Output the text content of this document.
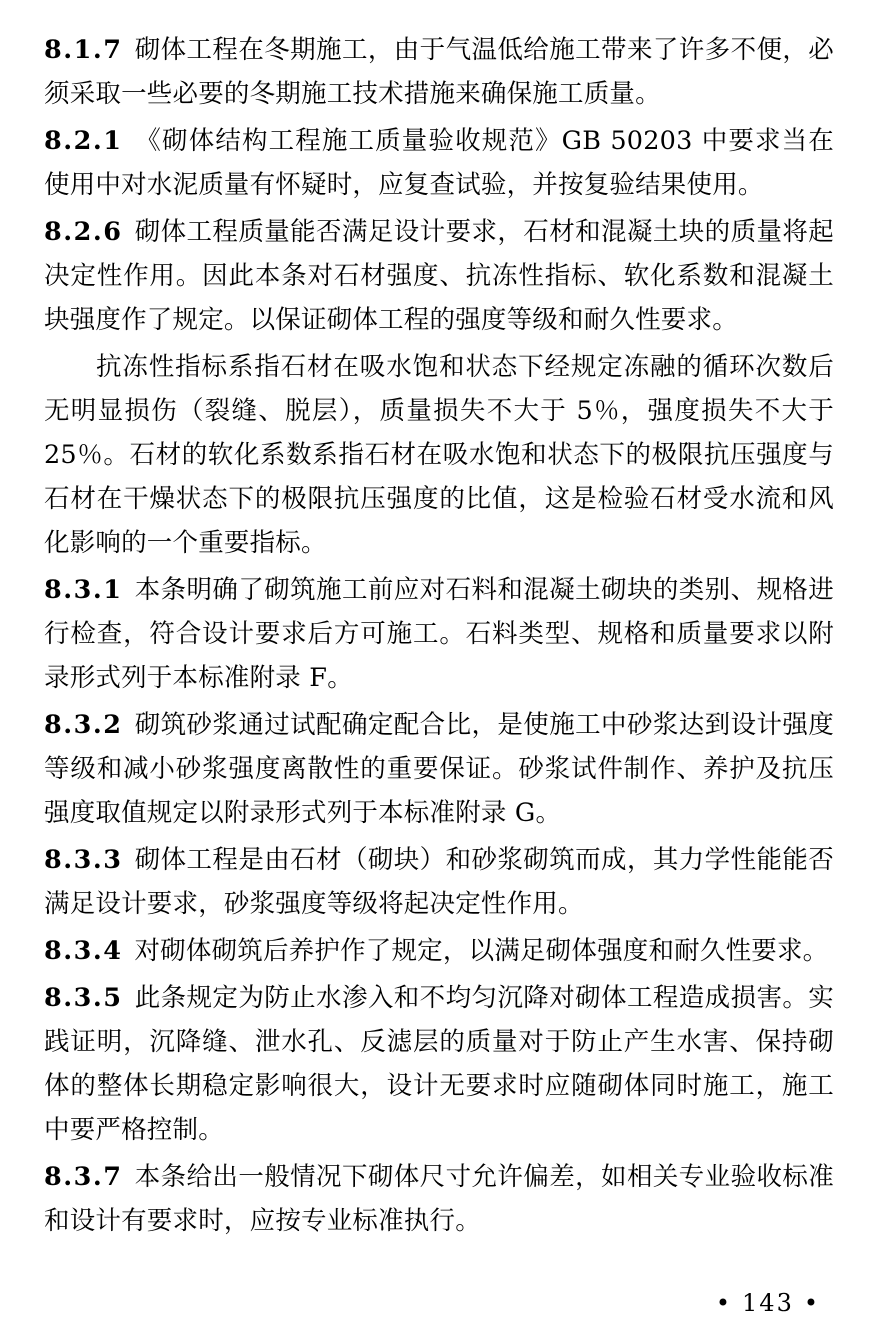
8.1.7 砌体工程在冬期施工，由于气温低给施工带来了许多不便，必须采取一些必要的冬期施工技术措施来确保施工质量。

8.2.1 《砌体结构工程施工质量验收规范》GB 50203 中要求当在使用中对水泥质量有怀疑时，应复查试验，并按复验结果使用。

8.2.6 砌体工程质量能否满足设计要求，石材和混凝土块的质量将起决定性作用。因此本条对石材强度、抗冻性指标、软化系数和混凝土块强度作了规定。以保证砌体工程的强度等级和耐久性要求。

抗冻性指标系指石材在吸水饱和状态下经规定冻融的循环次数后无明显损伤（裂缝、脱层），质量损失不大于 5％，强度损失不大于 25％。石材的软化系数系指石材在吸水饱和状态下的极限抗压强度与石材在干燥状态下的极限抗压强度的比值，这是检验石材受水流和风化影响的一个重要指标。

8.3.1 本条明确了砌筑施工前应对石料和混凝土砌块的类别、规格进行检查，符合设计要求后方可施工。石料类型、规格和质量要求以附录形式列于本标准附录 F。

8.3.2 砌筑砂浆通过试配确定配合比，是使施工中砂浆达到设计强度等级和减小砂浆强度离散性的重要保证。砂浆试件制作、养护及抗压强度取值规定以附录形式列于本标准附录 G。

8.3.3 砌体工程是由石材（砌块）和砂浆砌筑而成，其力学性能能否满足设计要求，砂浆强度等级将起决定性作用。

8.3.4 对砌体砌筑后养护作了规定，以满足砌体强度和耐久性要求。

8.3.5 此条规定为防止水渗入和不均匀沉降对砌体工程造成损害。实践证明，沉降缝、泄水孔、反滤层的质量对于防止产生水害、保持砌体的整体长期稳定影响很大，设计无要求时应随砌体同时施工，施工中要严格控制。

8.3.7 本条给出一般情况下砌体尺寸允许偏差，如相关专业验收标准和设计有要求时，应按专业标准执行。

• 143 •
